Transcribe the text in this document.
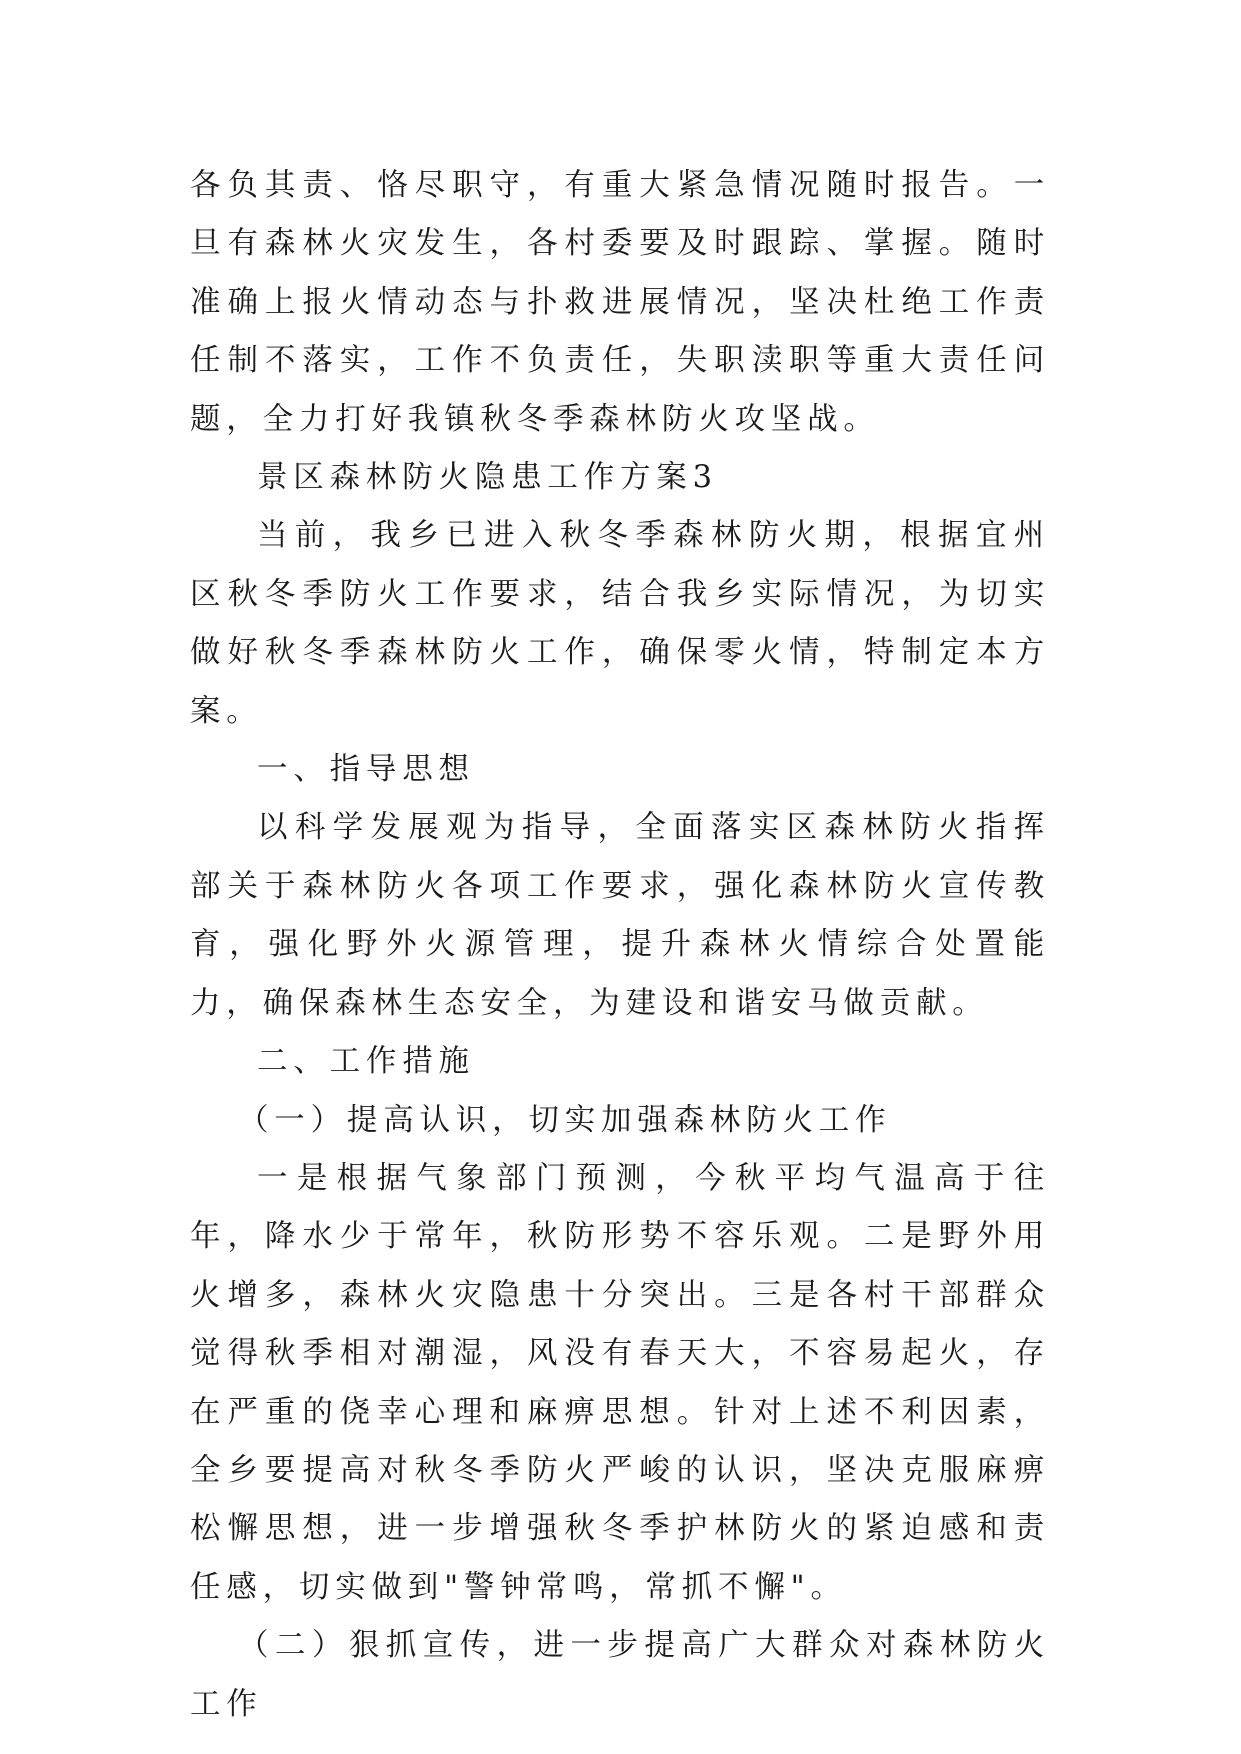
各负其责、恪尽职守，有重大紧急情况随时报告。一旦有森林火灾发生，各村委要及时跟踪、掌握。随时准确上报火情动态与扑救进展情况，坚决杜绝工作责任制不落实，工作不负责任，失职渎职等重大责任问题，全力打好我镇秋冬季森林防火攻坚战。

景区森林防火隐患工作方案3

当前，我乡已进入秋冬季森林防火期，根据宜州区秋冬季防火工作要求，结合我乡实际情况，为切实做好秋冬季森林防火工作，确保零火情，特制定本方案。

一、指导思想

以科学发展观为指导，全面落实区森林防火指挥部关于森林防火各项工作要求，强化森林防火宣传教育，强化野外火源管理，提升森林火情综合处置能力，确保森林生态安全，为建设和谐安马做贡献。

二、工作措施

（一）提高认识，切实加强森林防火工作

一是根据气象部门预测，今秋平均气温高于往年，降水少于常年，秋防形势不容乐观。二是野外用火增多，森林火灾隐患十分突出。三是各村干部群众觉得秋季相对潮湿，风没有春天大，不容易起火，存在严重的侥幸心理和麻痹思想。针对上述不利因素，全乡要提高对秋冬季防火严峻的认识，坚决克服麻痹松懈思想，进一步增强秋冬季护林防火的紧迫感和责任感，切实做到"警钟常鸣，常抓不懈"。

（二）狠抓宣传，进一步提高广大群众对森林防火工作
